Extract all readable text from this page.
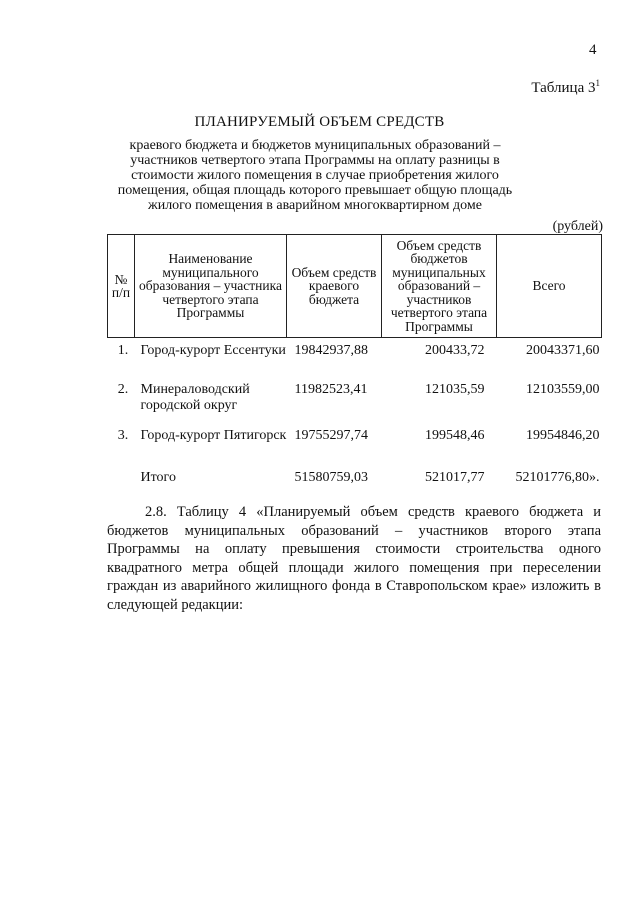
4
Таблица $3^1$
ПЛАНИРУЕМЫЙ ОБЪЕМ СРЕДСТВ
краевого бюджета и бюджетов муниципальных образований – участников четвертого этапа Программы на оплату разницы в стоимости жилого помещения в случае приобретения жилого помещения, общая площадь которого превышает общую площадь жилого помещения в аварийном многоквартирном доме
(рублей)
№ п/п	Наименование муниципального образования – участника четвертого этапа Программы	Объем средств краевого бюджета	Объем средств бюджетов муниципальных образований – участников четвертого этапа Программы	Всего
1.	Город-курорт Ессентуки	19842937,88	200433,72	20043371,60
2.	Минераловодский городской округ	11982523,41	121035,59	12103559,00
3.	Город-курорт Пятигорск	19755297,74	199548,46	19954846,20
	Итого	51580759,03	521017,77	52101776,80».
2.8. Таблицу 4 «Планируемый объем средств краевого бюджета и бюджетов муниципальных образований – участников второго этапа Программы на оплату превышения стоимости строительства одного квадратного метра общей площади жилого помещения при переселении граждан из аварийного жилищного фонда в Ставропольском крае» изложить в следующей редакции:
